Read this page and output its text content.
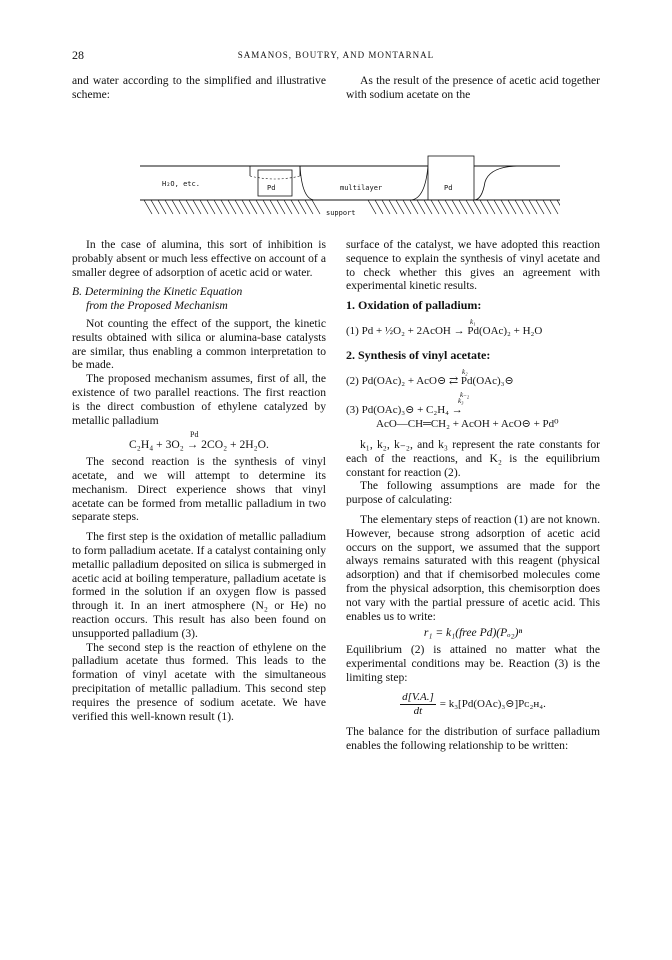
28	SAMANOS, BOUTRY, AND MONTARNAL

and water according to the simplified and illustrative scheme:

As the result of the presence of acetic acid together with sodium acetate on the

H₂O, etc.	Pd	multilayer	Pd
support

In the case of alumina, this sort of inhibition is probably absent or much less effective on account of a smaller degree of adsorption of acetic acid or water.

B. Determining the Kinetic Equation
from the Proposed Mechanism

Not counting the effect of the support, the kinetic results obtained with silica or alumina-base catalysts are similar, thus enabling a common interpretation to be made.

The proposed mechanism assumes, first of all, the existence of two parallel reactions. The first reaction is the direct combustion of ethylene catalyzed by metallic palladium

Pd
C₂H₄ + 3O₂ → 2CO₂ + 2H₂O.

The second reaction is the synthesis of vinyl acetate, and we will attempt to determine its mechanism. Direct experience shows that vinyl acetate can be formed from metallic palladium in two separate steps.

The first step is the oxidation of metallic palladium to form palladium acetate. If a catalyst containing only metallic palladium deposited on silica is submerged in acetic acid at boiling temperature, palladium acetate is formed in the solution if an oxygen flow is passed through it. In an inert atmosphere (N₂ or He) no reaction occurs. This result has also been found on unsupported palladium (3).

The second step is the reaction of ethylene on the palladium acetate thus formed. This leads to the formation of vinyl acetate with the simultaneous precipitation of metallic palladium. This second step requires the presence of sodium acetate. We have verified this well-known result (1).

surface of the catalyst, we have adopted this reaction sequence to explain the synthesis of vinyl acetate and to check whether this gives an agreement with experimental kinetic results.

1. Oxidation of palladium:
k₁
(1) Pd + ½O₂ + 2AcOH → Pd(OAc)₂ + H₂O
2. Synthesis of vinyl acetate:
k₂
(2) Pd(OAc)₂ + AcO⊝ ⇄ Pd(OAc)₃⊝
k₋₂
k₃
(3) Pd(OAc)₃⊝ + C₂H₄ →
AcO—CH═CH₂ + AcOH + AcO⊝ + Pd⁰

k₁, k₂, k₋₂, and k₃ represent the rate constants for each of the reactions, and K₂ is the equilibrium constant for reaction (2).

The following assumptions are made for the purpose of calculating:

The elementary steps of reaction (1) are not known. However, because strong adsorption of acetic acid occurs on the support, we assumed that the support always remains saturated with this reagent (physical adsorption) and that if chemisorbed molecules come from the physical adsorption, this chemisorption does not vary with the partial pressure of acetic acid. This enables us to write:

r₁ = k₁(free Pd)(Pₒ₂)ⁿ

Equilibrium (2) is attained no matter what the experimental conditions may be. Reaction (3) is the limiting step:

$\frac{d[V.A.]}{dt}$ = k₃[Pd(OAc)₃⊝]Pᴄ₂ʜ₄.

The balance for the distribution of surface palladium enables the following relationship to be written:
